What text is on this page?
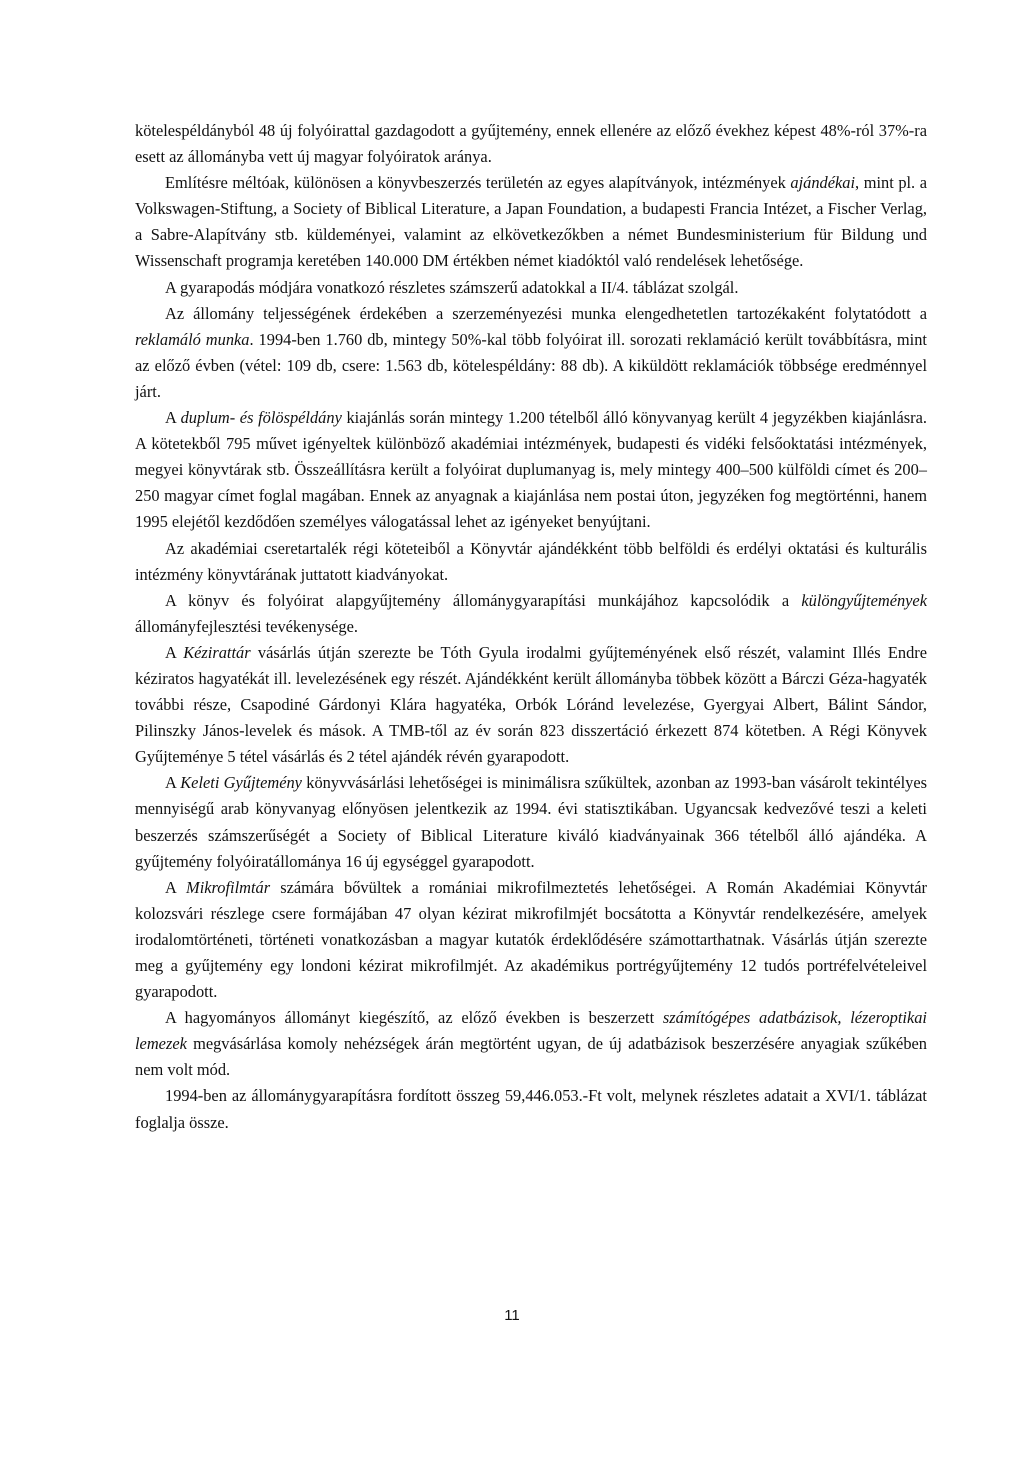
kötelespéldányból 48 új folyóirattal gazdagodott a gyűjtemény, ennek ellenére az előző évekhez képest 48%-ról 37%-ra esett az állományba vett új magyar folyóiratok aránya.

Említésre méltóak, különösen a könyvbeszerzés területén az egyes alapítványok, intézmények ajándékai, mint pl. a Volkswagen-Stiftung, a Society of Biblical Literature, a Japan Foundation, a budapesti Francia Intézet, a Fischer Verlag, a Sabre-Alapítvány stb. küldeményei, valamint az elkövetkezőkben a német Bundesministerium für Bildung und Wissenschaft programja keretében 140.000 DM értékben német kiadóktól való rendelések lehetősége.

A gyarapodás módjára vonatkozó részletes számszerű adatokkal a II/4. táblázat szolgál.

Az állomány teljességének érdekében a szerzeményezési munka elengedhetetlen tartozékaként folytatódott a reklamáló munka. 1994-ben 1.760 db, mintegy 50%-kal több folyóirat ill. sorozati reklamáció került továbbításra, mint az előző évben (vétel: 109 db, csere: 1.563 db, kötelespéldány: 88 db). A kiküldött reklamációk többsége eredménnyel járt.

A duplum- és fölöspéldány kiajánlás során mintegy 1.200 tételből álló könyvanyag került 4 jegyzékben kiajánlásra. A kötetekből 795 művet igényeltek különböző akadémiai intézmények, budapesti és vidéki felsőoktatási intézmények, megyei könyvtárak stb. Összeállításra került a folyóirat duplumanyag is, mely mintegy 400–500 külföldi címet és 200–250 magyar címet foglal magában. Ennek az anyagnak a kiajánlása nem postai úton, jegyzéken fog megtörténni, hanem 1995 elejétől kezdődően személyes válogatással lehet az igényeket benyújtani.

Az akadémiai cseretartalék régi köteteiből a Könyvtár ajándékként több belföldi és erdélyi oktatási és kulturális intézmény könyvtárának juttatott kiadványokat.

A könyv és folyóirat alapgyűjtemény állománygyarapítási munkájához kapcsolódik a különgyűjtemények állományfejlesztési tevékenysége.

A Kézirattár vásárlás útján szerezte be Tóth Gyula irodalmi gyűjteményének első részét, valamint Illés Endre kéziratos hagyatékát ill. levelezésének egy részét. Ajándékként került állományba többek között a Bárczi Géza-hagyaték további része, Csapodiné Gárdonyi Klára hagyatéka, Orbók Lóránd levelezése, Gyergyai Albert, Bálint Sándor, Pilinszky János-levelek és mások. A TMB-től az év során 823 disszertáció érkezett 874 kötetben. A Régi Könyvek Gyűjteménye 5 tétel vásárlás és 2 tétel ajándék révén gyarapodott.

A Keleti Gyűjtemény könyvvásárlási lehetőségei is minimálisra szűkültek, azonban az 1993-ban vásárolt tekintélyes mennyiségű arab könyvanyag előnyösen jelentkezik az 1994. évi statisztikában. Ugyancsak kedvezővé teszi a keleti beszerzés számszerűségét a Society of Biblical Literature kiváló kiadványainak 366 tételből álló ajándéka. A gyűjtemény folyóiratállománya 16 új egységgel gyarapodott.

A Mikrofilmtár számára bővültek a romániai mikrofilmeztetés lehetőségei. A Román Akadémiai Könyvtár kolozsvári részlege csere formájában 47 olyan kézirat mikrofilmjét bocsátotta a Könyvtár rendelkezésére, amelyek irodalomtörténeti, történeti vonatkozásban a magyar kutatók érdeklődésére számottarthatnak. Vásárlás útján szerezte meg a gyűjtemény egy londoni kézirat mikrofilmjét. Az akadémikus portrégyűjtemény 12 tudós portréfelvételeivel gyarapodott.

A hagyományos állományt kiegészítő, az előző években is beszerzett számítógépes adatbázisok, lézeroptikai lemezek megvásárlása komoly nehézségek árán megtörtént ugyan, de új adatbázisok beszerzésére anyagiak szűkében nem volt mód.

1994-ben az állománygyarapításra fordított összeg 59,446.053.-Ft volt, melynek részletes adatait a XVI/1. táblázat foglalja össze.

11
